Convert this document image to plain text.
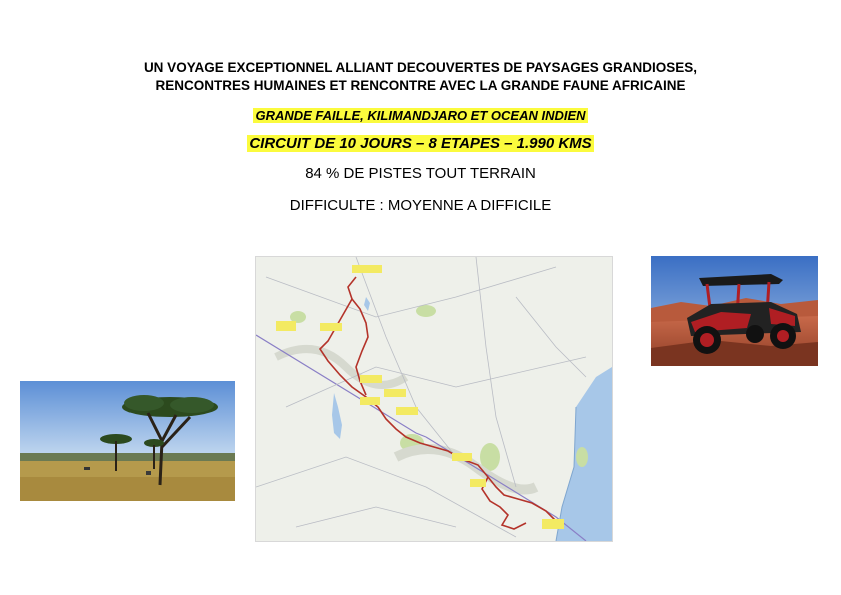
UN VOYAGE EXCEPTIONNEL ALLIANT DECOUVERTES DE PAYSAGES GRANDIOSES,
RENCONTRES HUMAINES ET RENCONTRE AVEC LA GRANDE FAUNE AFRICAINE
GRANDE FAILLE, KILIMANDJARO ET OCEAN INDIEN
CIRCUIT DE 10 JOURS – 8 ETAPES – 1.990 KMS
84 % DE PISTES TOUT TERRAIN
DIFFICULTE : MOYENNE A DIFFICILE
